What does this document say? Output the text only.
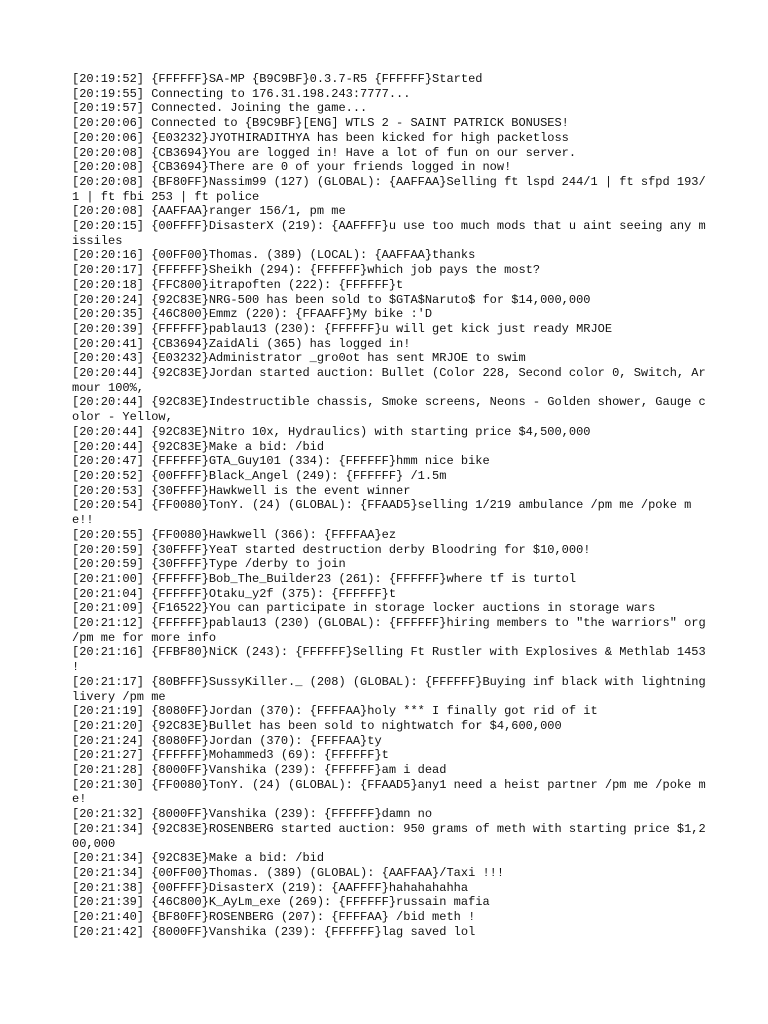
[20:19:52] {FFFFFF}SA-MP {B9C9BF}0.3.7-R5 {FFFFFF}Started
[20:19:55] Connecting to 176.31.198.243:7777...
[20:19:57] Connected. Joining the game...
[20:20:06] Connected to {B9C9BF}[ENG] WTLS 2 - SAINT PATRICK BONUSES!
[20:20:06] {E03232}JYOTHIRADITHYA has been kicked for high packetloss
[20:20:08] {CB3694}You are logged in! Have a lot of fun on our server.
[20:20:08] {CB3694}There are 0 of your friends logged in now!
[20:20:08] {BF80FF}Nassim99 (127) (GLOBAL): {AAFFAA}Selling ft lspd 244/1 | ft sfpd 193/1 | ft fbi 253 | ft police
[20:20:08] {AAFFAA}ranger 156/1, pm me
[20:20:15] {00FFFF}DisasterX (219): {AAFFFF}u use too much mods that u aint seeing any missiles
[20:20:16] {00FF00}Thomas. (389) (LOCAL): {AAFFAA}thanks
[20:20:17] {FFFFFF}Sheikh (294): {FFFFFF}which job pays the most?
[20:20:18] {FFC800}itrapoften (222): {FFFFFF}t
[20:20:24] {92C83E}NRG-500 has been sold to $GTA$Naruto$ for $14,000,000
[20:20:35] {46C800}Emmz (220): {FFAAFF}My bike :'D
[20:20:39] {FFFFFF}pablau13 (230): {FFFFFF}u will get kick just ready MRJOE
[20:20:41] {CB3694}ZaidAli (365) has logged in!
[20:20:43] {E03232}Administrator _gro0ot has sent MRJOE to swim
[20:20:44] {92C83E}Jordan started auction: Bullet (Color 228, Second color 0, Switch, Armour 100%,
[20:20:44] {92C83E}Indestructible chassis, Smoke screens, Neons - Golden shower, Gauge color - Yellow,
[20:20:44] {92C83E}Nitro 10x, Hydraulics) with starting price $4,500,000
[20:20:44] {92C83E}Make a bid: /bid
[20:20:47] {FFFFFF}GTA_Guy101 (334): {FFFFFF}hmm nice bike
[20:20:52] {00FFFF}Black_Angel (249): {FFFFFF} /1.5m
[20:20:53] {30FFFF}Hawkwell is the event winner
[20:20:54] {FF0080}TonY. (24) (GLOBAL): {FFAAD5}selling 1/219 ambulance /pm me /poke me!!
[20:20:55] {FF0080}Hawkwell (366): {FFFFAA}ez
[20:20:59] {30FFFF}YeaT started destruction derby Bloodring for $10,000!
[20:20:59] {30FFFF}Type /derby to join
[20:21:00] {FFFFFF}Bob_The_Builder23 (261): {FFFFFF}where tf is turtol
[20:21:04] {FFFFFF}Otaku_y2f (375): {FFFFFF}t
[20:21:09] {F16522}You can participate in storage locker auctions in storage wars
[20:21:12] {FFFFFF}pablau13 (230) (GLOBAL): {FFFFFF}hiring members to "the warriors" org /pm me for more info
[20:21:16] {FFBF80}NiCK (243): {FFFFFF}Selling Ft Rustler with Explosives & Methlab 1453 !
[20:21:17] {80BFFF}SussyKiller._ (208) (GLOBAL): {FFFFFF}Buying inf black with lightning livery /pm me
[20:21:19] {8080FF}Jordan (370): {FFFFAA}holy *** I finally got rid of it
[20:21:20] {92C83E}Bullet has been sold to nightwatch for $4,600,000
[20:21:24] {8080FF}Jordan (370): {FFFFAA}ty
[20:21:27] {FFFFFF}Mohammed3 (69): {FFFFFF}t
[20:21:28] {8000FF}Vanshika (239): {FFFFFF}am i dead
[20:21:30] {FF0080}TonY. (24) (GLOBAL): {FFAAD5}any1 need a heist partner /pm me /poke me!
[20:21:32] {8000FF}Vanshika (239): {FFFFFF}damn no
[20:21:34] {92C83E}ROSENBERG started auction: 950 grams of meth with starting price $1,200,000
[20:21:34] {92C83E}Make a bid: /bid
[20:21:34] {00FF00}Thomas. (389) (GLOBAL): {AAFFAA}/Taxi !!!
[20:21:38] {00FFFF}DisasterX (219): {AAFFFF}hahahahahha
[20:21:39] {46C800}K_AyLm_exe (269): {FFFFFF}russain mafia
[20:21:40] {BF80FF}ROSENBERG (207): {FFFFAA} /bid meth !
[20:21:42] {8000FF}Vanshika (239): {FFFFFF}lag saved lol
